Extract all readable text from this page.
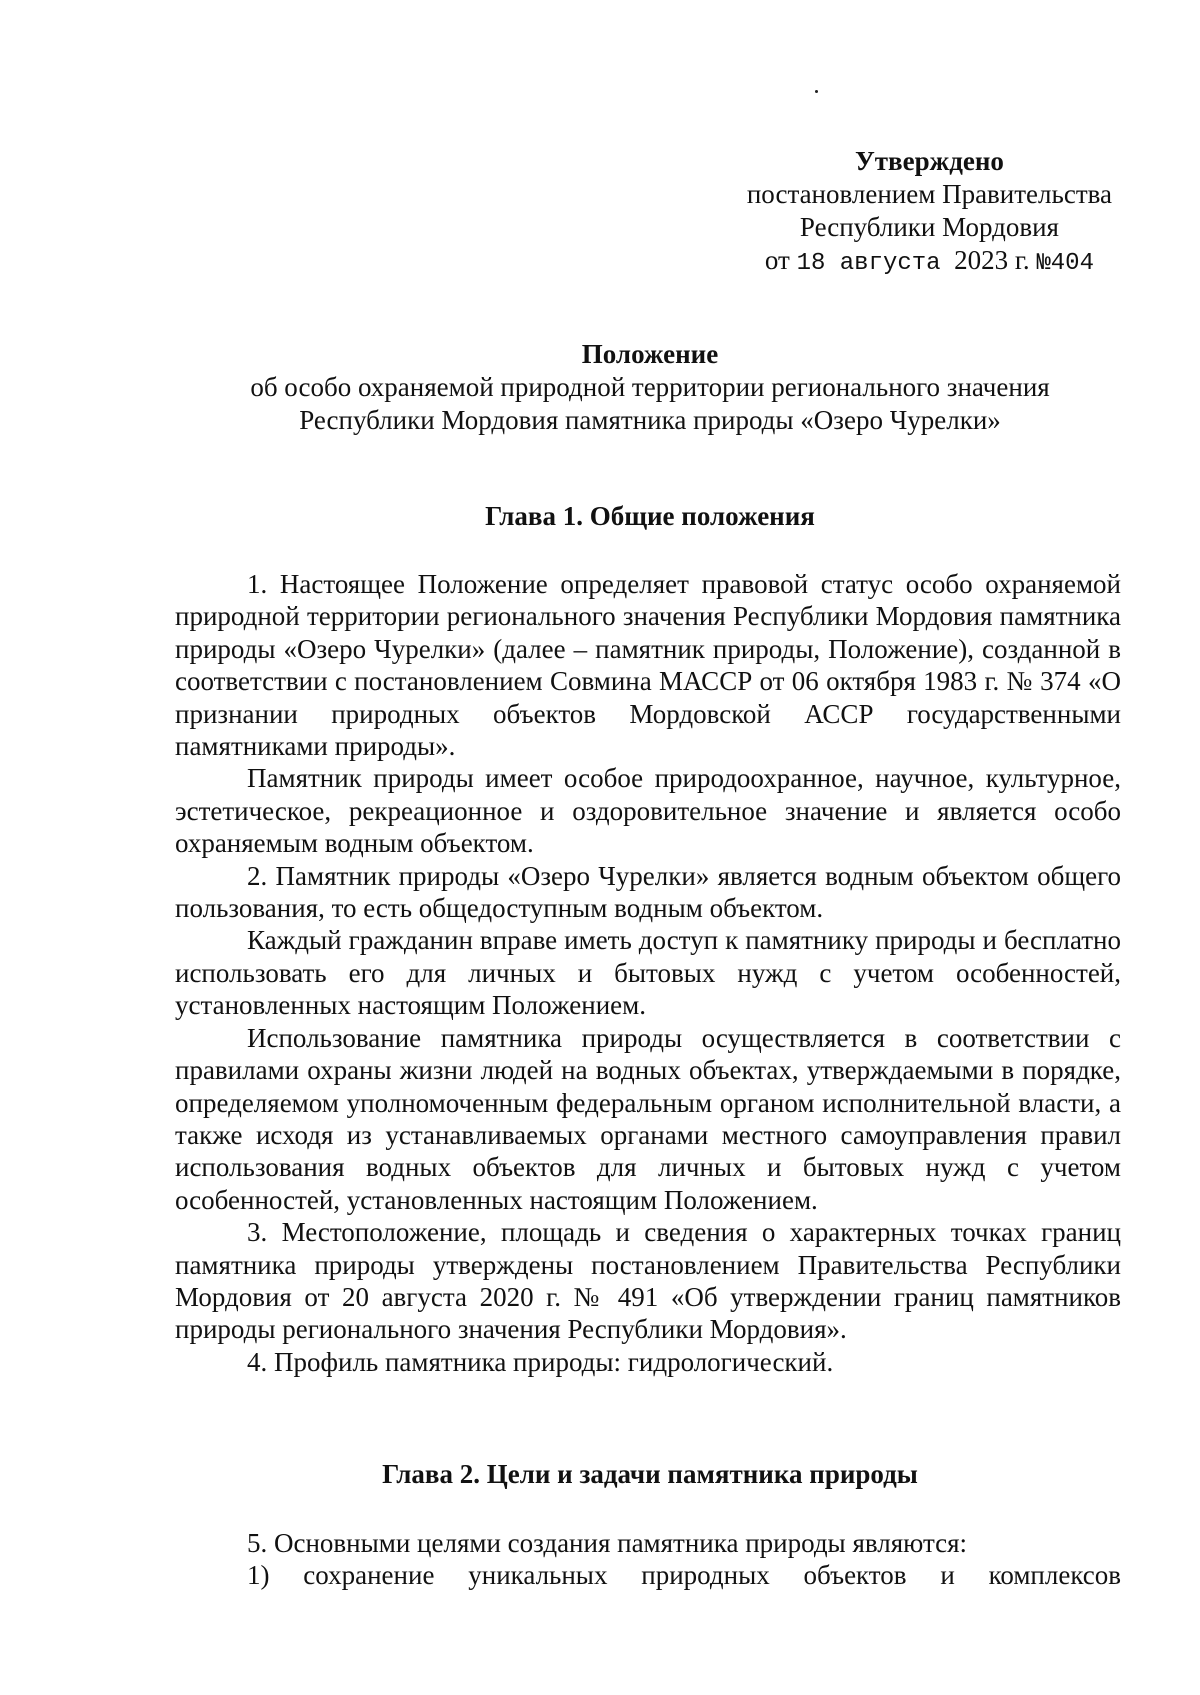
Утверждено
постановлением Правительства
Республики Мордовия
от 18 августа 2023 г. №404
Положение
об особо охраняемой природной территории регионального значения
Республики Мордовия памятника природы «Озеро Чурелки»
Глава 1. Общие положения

1. Настоящее Положение определяет правовой статус особо охраняемой природной территории регионального значения Республики Мордовия памятника природы «Озеро Чурелки» (далее – памятник природы, Положение), созданной в соответствии с постановлением Совмина МАССР от 06 октября 1983 г. № 374 «О признании природных объектов Мордовской АССР государственными памятниками природы».

Памятник природы имеет особое природоохранное, научное, культурное, эстетическое, рекреационное и оздоровительное значение и является особо охраняемым водным объектом.

2. Памятник природы «Озеро Чурелки» является водным объектом общего пользования, то есть общедоступным водным объектом.

Каждый гражданин вправе иметь доступ к памятнику природы и бесплатно использовать его для личных и бытовых нужд с учетом особенностей, установленных настоящим Положением.

Использование памятника природы осуществляется в соответствии с правилами охраны жизни людей на водных объектах, утверждаемыми в порядке, определяемом уполномоченным федеральным органом исполнительной власти, а также исходя из устанавливаемых органами местного самоуправления правил использования водных объектов для личных и бытовых нужд с учетом особенностей, установленных настоящим Положением.

3. Местоположение, площадь и сведения о характерных точках границ памятника природы утверждены постановлением Правительства Республики Мордовия от 20 августа 2020 г. № 491 «Об утверждении границ памятников природы регионального значения Республики Мордовия».

4. Профиль памятника природы: гидрологический.

Глава 2. Цели и задачи памятника природы

5. Основными целями создания памятника природы являются:

1) сохранение уникальных природных объектов и комплексов
